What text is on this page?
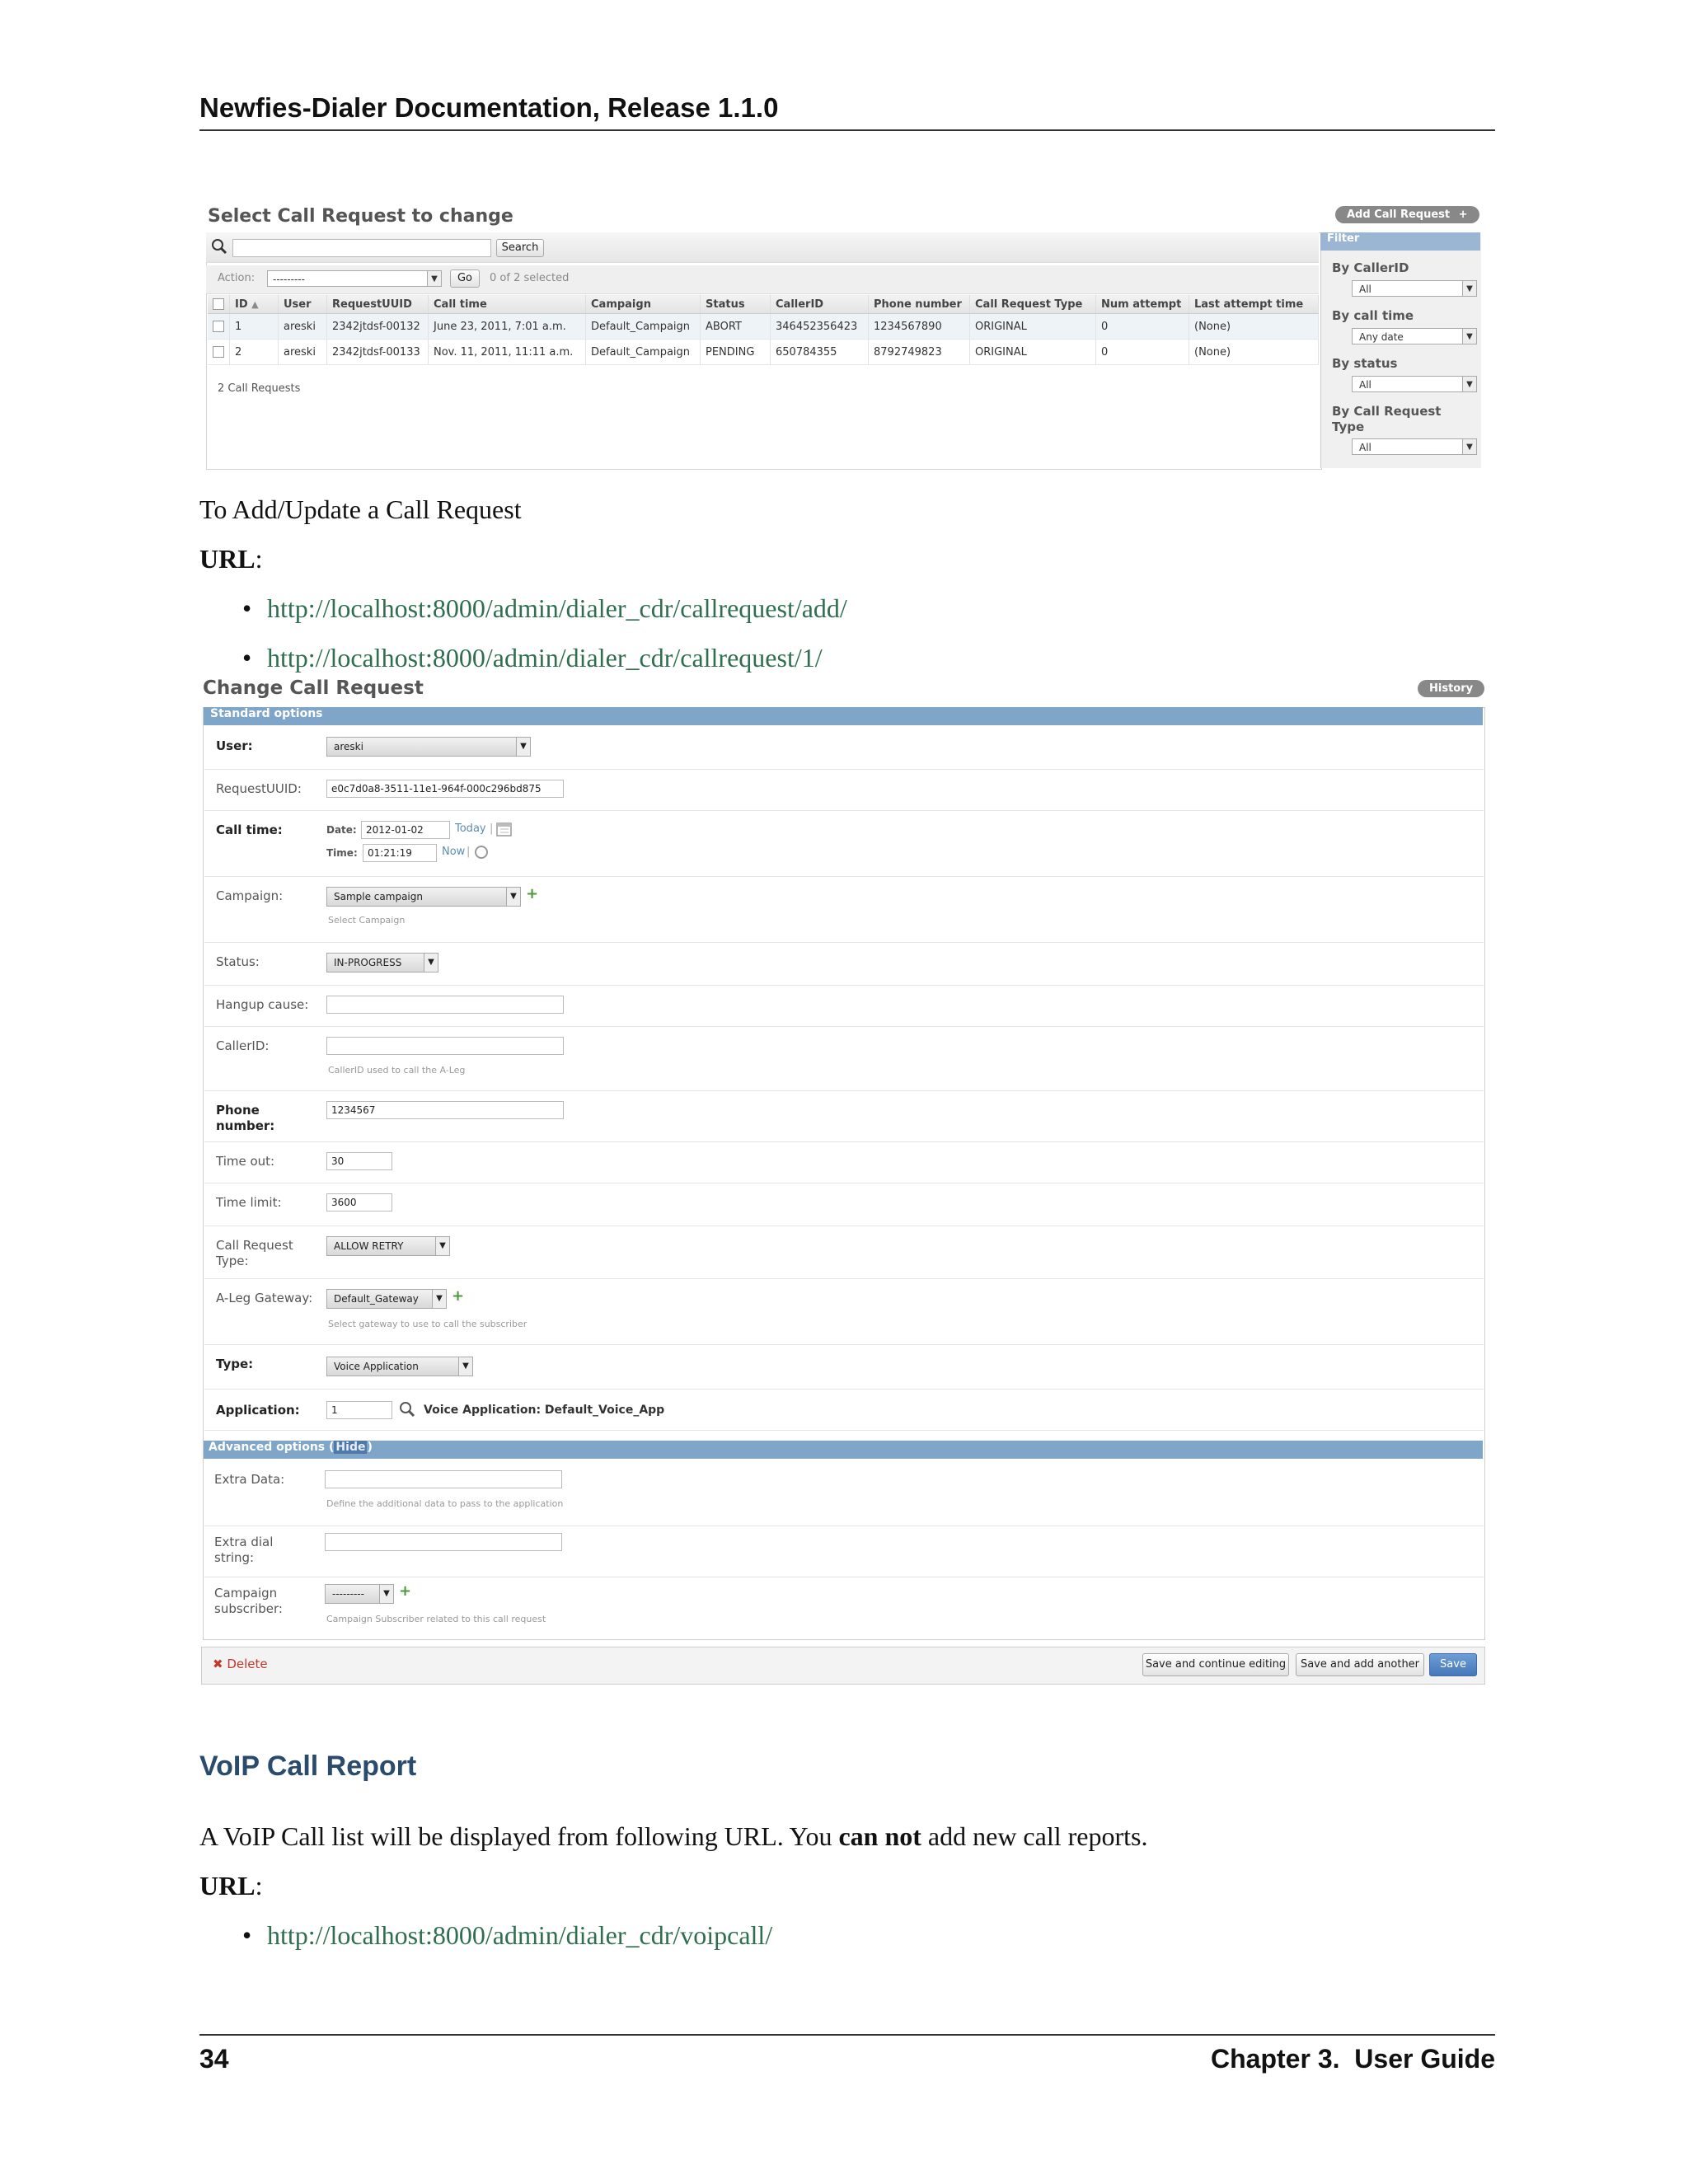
Newfies-Dialer Documentation, Release 1.1.0
Select Call Request to change	Add Call Request +
Search
Action:	---------	▼	Go	0 of 2 selected
	ID ▲	User	RequestUUID	Call time	Campaign	Status	CallerID	Phone number	Call Request Type	Num attempt	Last attempt time
	1	areski	2342jtdsf-00132	June 23, 2011, 7:01 a.m.	Default_Campaign	ABORT	346452356423	1234567890	ORIGINAL	0	(None)
	2	areski	2342jtdsf-00133	Nov. 11, 2011, 11:11 a.m.	Default_Campaign	PENDING	650784355	8792749823	ORIGINAL	0	(None)
2 Call Requests
Filter
By CallerID
All	▼
By call time
Any date	▼
By status
All	▼
By Call Request Type
All	▼
To Add/Update a Call Request
URL:
• http://localhost:8000/admin/dialer_cdr/callrequest/add/
• http://localhost:8000/admin/dialer_cdr/callrequest/1/
Change Call Request	History
Standard options
User:	areski	▼
RequestUUID:	e0c7d0a8-3511-11e1-964f-000c296bd875
Call time:	Date: 2012-01-02	Today |
Time:	01:21:19	Now |
Campaign:	Sample campaign	▼ +
Select Campaign
Status:	IN-PROGRESS	▼
Hangup cause:
CallerID:
CallerID used to call the A-Leg
Phone number:
1234567
Time out:	30
Time limit:	3600
Call Request Type:
ALLOW RETRY	▼
A-Leg Gateway:	Default_Gateway	▼ +
Select gateway to use to call the subscriber
Type:	Voice Application	▼
Application:	1	Voice Application: Default_Voice_App
Advanced options ( Hide )
Extra Data:
Define the additional data to pass to the application
Extra dial string:
Campaign subscriber:
---------	▼ +
Campaign Subscriber related to this call request
✖ Delete	Save and continue editing	Save and add another	Save
VoIP Call Report
A VoIP Call list will be displayed from following URL. You can not add new call reports.
URL:
• http://localhost:8000/admin/dialer_cdr/voipcall/
34	Chapter 3.  User Guide
